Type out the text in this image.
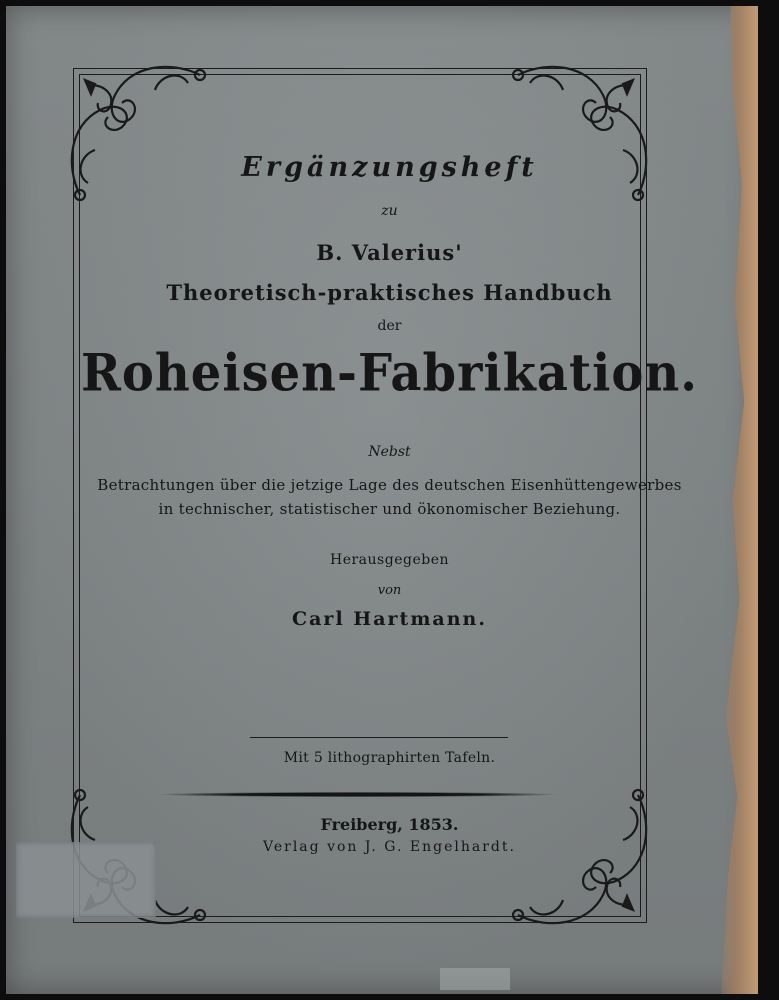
Ergänzungsheft
zu
B. Valerius'
Theoretisch-praktisches Handbuch
der
Roheisen-Fabrikation.
Nebst
Betrachtungen über die jetzige Lage des deutschen Eisenhüttengewerbes
in technischer, statistischer und ökonomischer Beziehung.
Herausgegeben
von
Carl Hartmann.
Mit 5 lithographirten Tafeln.
Freiberg, 1853.
Verlag von J. G. Engelhardt.
